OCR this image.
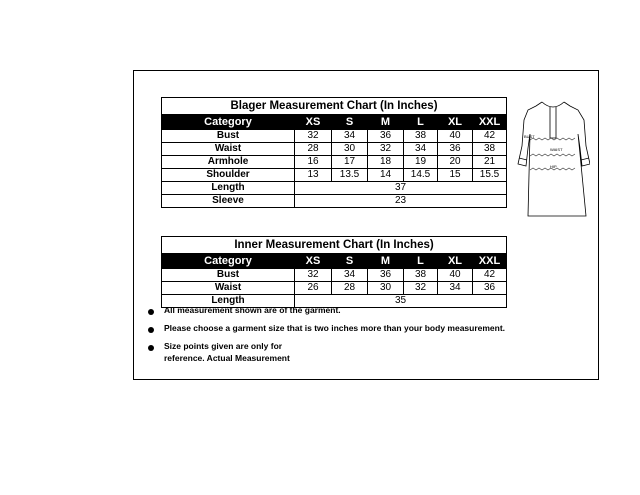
Blager Measurement Chart (In Inches)						
Category	XS	S	M	L	XL	XXL
Bust	32	34	36	38	40	42
Waist	28	30	32	34	36	38
Armhole	16	17	18	19	20	21
Shoulder	13	13.5	14	14.5	15	15.5
Length	37					
Sleeve	23					
Inner Measurement Chart (In Inches)						
Category	XS	S	M	L	XL	XXL
Bust	32	34	36	38	40	42
Waist	26	28	30	32	34	36
Length	35					
All measurement shown are of the garment.
Please choose a garment size that is two inches more than your body measurement.
Size points given are only for
reference. Actual Measurement
BUST
WAIST
HIP
